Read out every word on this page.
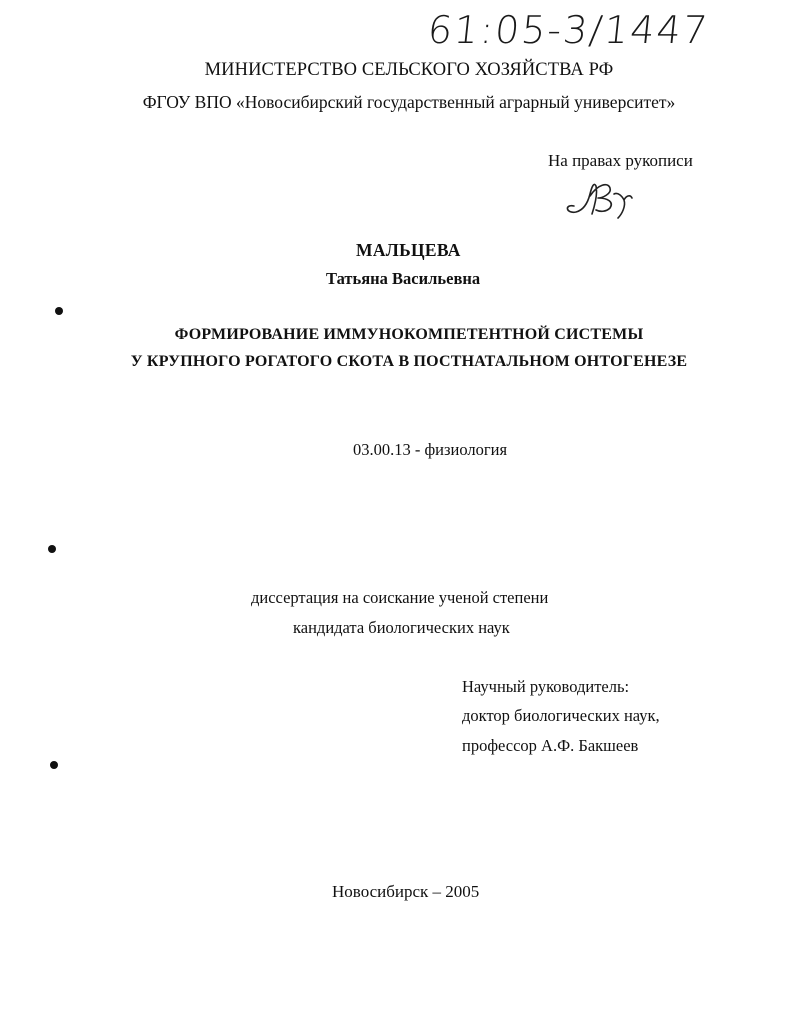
61:05-3/1447
МИНИСТЕРСТВО СЕЛЬСКОГО ХОЗЯЙСТВА РФ
ФГОУ ВПО «Новосибирский государственный аграрный университет»
На правах рукописи
МАЛЬЦЕВА
Татьяна Васильевна
ФОРМИРОВАНИЕ ИММУНОКОМПЕТЕНТНОЙ СИСТЕМЫ
У КРУПНОГО РОГАТОГО СКОТА В ПОСТНАТАЛЬНОМ ОНТОГЕНЕЗЕ
03.00.13 - физиология
диссертация на соискание ученой степени
кандидата биологических наук
Научный руководитель:
доктор биологических наук,
профессор А.Ф. Бакшеев
Новосибирск – 2005
